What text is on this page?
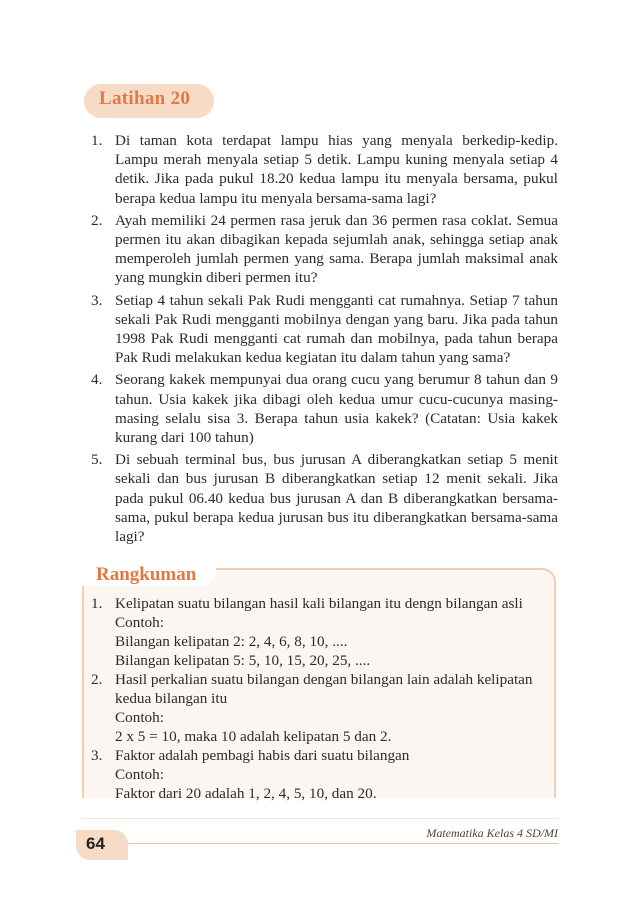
Latihan 20
1. Di taman kota terdapat lampu hias yang menyala berkedip-kedip. Lampu merah menyala setiap 5 detik. Lampu kuning menyala setiap 4 detik. Jika pada pukul 18.20 kedua lampu itu menyala bersama, pukul berapa kedua lampu itu menyala bersama-sama lagi?
2. Ayah memiliki 24 permen rasa jeruk dan 36 permen rasa coklat. Semua permen itu akan dibagikan kepada sejumlah anak, sehingga setiap anak memperoleh jumlah permen yang sama. Berapa jumlah maksimal anak yang mungkin diberi permen itu?
3. Setiap 4 tahun sekali Pak Rudi mengganti cat rumahnya. Setiap 7 tahun sekali Pak Rudi mengganti mobilnya dengan yang baru. Jika pada tahun 1998 Pak Rudi mengganti cat rumah dan mobilnya, pada tahun berapa Pak Rudi melakukan kedua kegiatan itu dalam tahun yang sama?
4. Seorang kakek mempunyai dua orang cucu yang berumur 8 tahun dan 9 tahun. Usia kakek jika dibagi oleh kedua umur cucu-cucunya masing-masing selalu sisa 3. Berapa tahun usia kakek? (Catatan: Usia kakek kurang dari 100 tahun)
5. Di sebuah terminal bus, bus jurusan A diberangkatkan setiap 5 menit sekali dan bus jurusan B diberangkatkan setiap 12 menit sekali. Jika pada pukul 06.40 kedua bus jurusan A dan B diberangkatkan bersama-sama, pukul berapa kedua jurusan bus itu diberangkatkan bersama-sama lagi?
Rangkuman
1. Kelipatan suatu bilangan hasil kali bilangan itu dengn bilangan asli
Contoh:
Bilangan kelipatan 2: 2, 4, 6, 8, 10, ....
Bilangan kelipatan 5: 5, 10, 15, 20, 25, ....
2. Hasil perkalian suatu bilangan dengan bilangan lain adalah kelipatan kedua bilangan itu
Contoh:
2 x 5 = 10, maka 10 adalah kelipatan 5 dan 2.
3. Faktor adalah pembagi habis dari suatu bilangan
Contoh:
Faktor dari 20 adalah 1, 2, 4, 5, 10, dan 20.
64
Matematika Kelas 4 SD/MI
